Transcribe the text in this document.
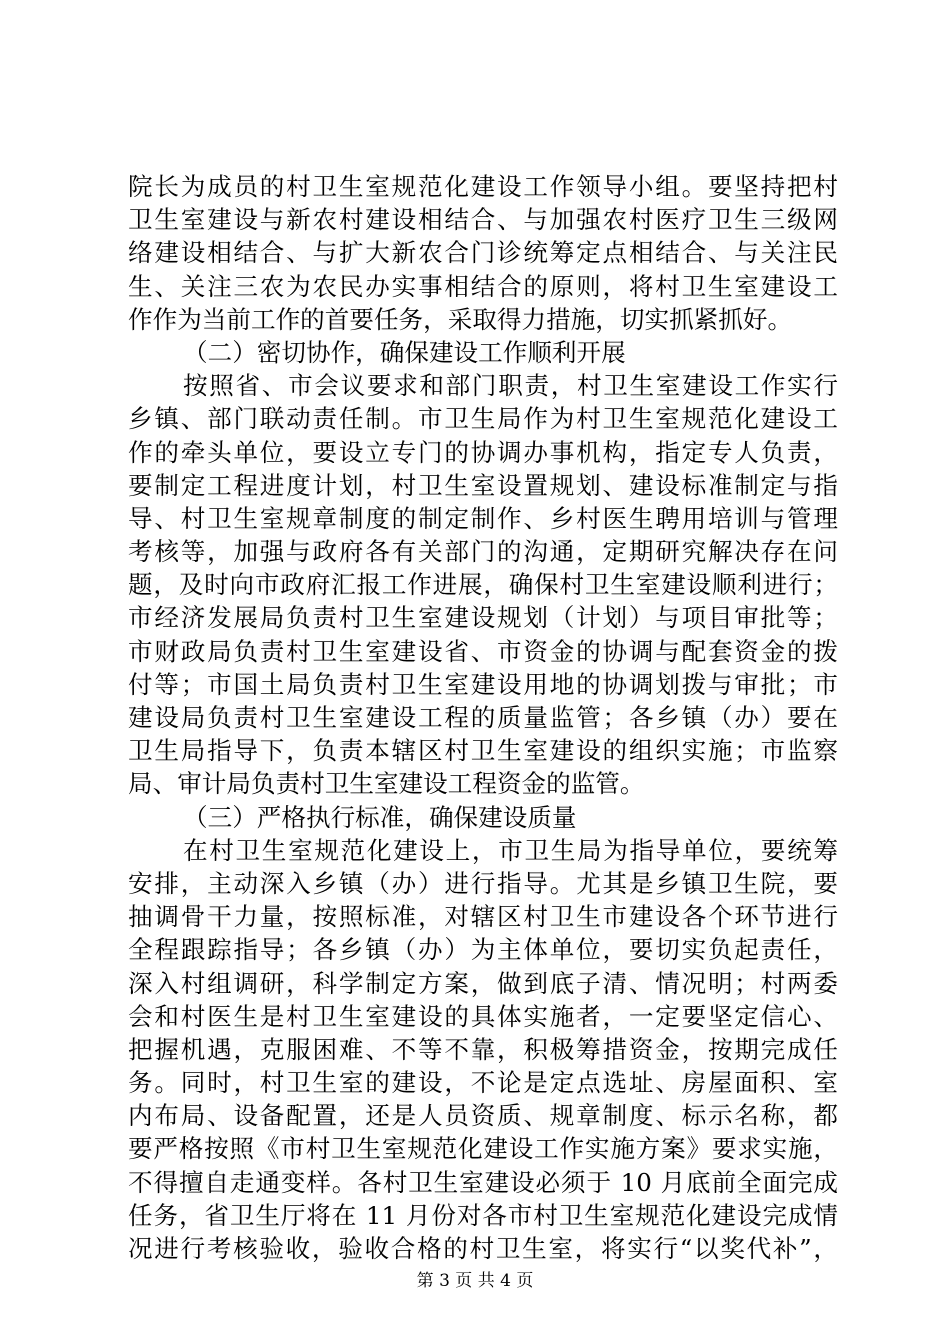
院长为成员的村卫生室规范化建设工作领导小组。要坚持把村
卫生室建设与新农村建设相结合、与加强农村医疗卫生三级网
络建设相结合、与扩大新农合门诊统筹定点相结合、与关注民
生、关注三农为农民办实事相结合的原则，将村卫生室建设工
作作为当前工作的首要任务，采取得力措施，切实抓紧抓好。
（二）密切协作，确保建设工作顺利开展
按照省、市会议要求和部门职责，村卫生室建设工作实行
乡镇、部门联动责任制。市卫生局作为村卫生室规范化建设工
作的牵头单位，要设立专门的协调办事机构，指定专人负责，
要制定工程进度计划，村卫生室设置规划、建设标准制定与指
导、村卫生室规章制度的制定制作、乡村医生聘用培训与管理
考核等，加强与政府各有关部门的沟通，定期研究解决存在问
题，及时向市政府汇报工作进展，确保村卫生室建设顺利进行；
市经济发展局负责村卫生室建设规划（计划）与项目审批等；
市财政局负责村卫生室建设省、市资金的协调与配套资金的拨
付等；市国土局负责村卫生室建设用地的协调划拨与审批；市
建设局负责村卫生室建设工程的质量监管；各乡镇（办）要在
卫生局指导下，负责本辖区村卫生室建设的组织实施；市监察
局、审计局负责村卫生室建设工程资金的监管。
（三）严格执行标准，确保建设质量
在村卫生室规范化建设上，市卫生局为指导单位，要统筹
安排，主动深入乡镇（办）进行指导。尤其是乡镇卫生院，要
抽调骨干力量，按照标准，对辖区村卫生市建设各个环节进行
全程跟踪指导；各乡镇（办）为主体单位，要切实负起责任，
深入村组调研，科学制定方案，做到底子清、情况明；村两委
会和村医生是村卫生室建设的具体实施者，一定要坚定信心、
把握机遇，克服困难、不等不靠，积极筹措资金，按期完成任
务。同时，村卫生室的建设，不论是定点选址、房屋面积、室
内布局、设备配置，还是人员资质、规章制度、标示名称，都
要严格按照《市村卫生室规范化建设工作实施方案》要求实施，
不得擅自走通变样。各村卫生室建设必须于 10 月底前全面完成
任务，省卫生厅将在 11 月份对各市村卫生室规范化建设完成情
况进行考核验收，验收合格的村卫生室，将实行“以奖代补”，
第 3 页 共 4 页
